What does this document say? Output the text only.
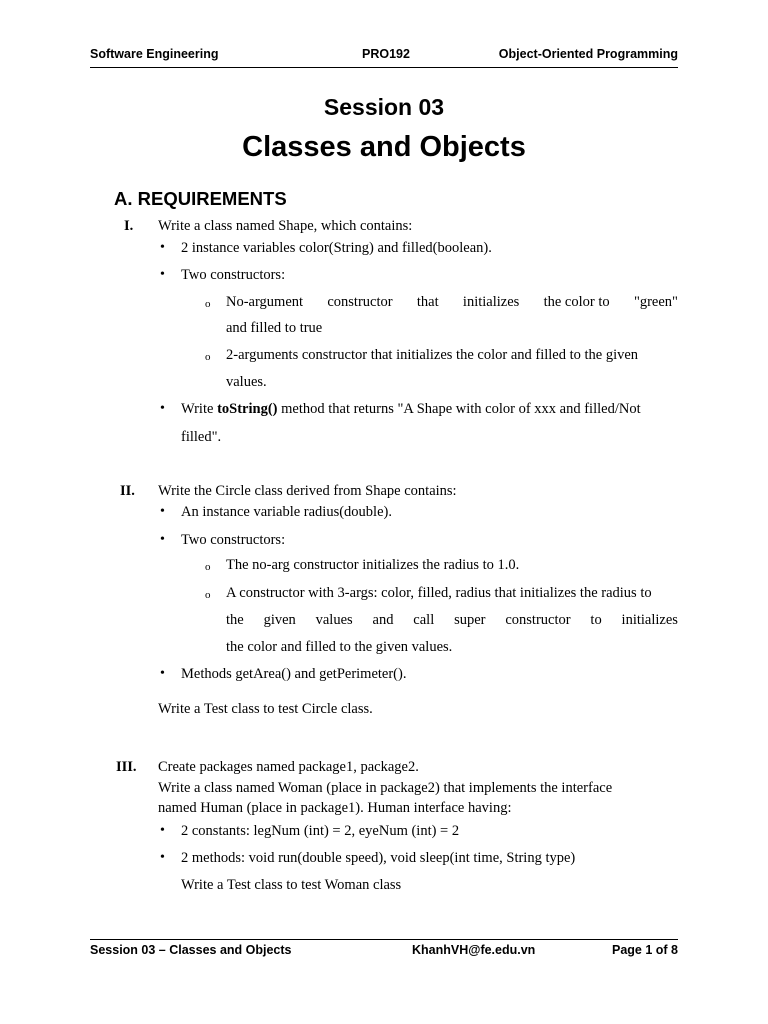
Software Engineering	PRO192	Object-Oriented Programming
Session 03
Classes and Objects
A. REQUIREMENTS
I. Write a class named Shape, which contains:
• 2 instance variables color(String) and filled(boolean).
• Two constructors:
o No-argument constructor that initializes the color to "green"
and filled to true
o 2-arguments constructor that initializes the color and filled to the given
values.
• Write toString() method that returns "A Shape with color of xxx and filled/Not
filled".
II. Write the Circle class derived from Shape contains:
• An instance variable radius(double).
• Two constructors:
o The no-arg constructor initializes the radius to 1.0.
o A constructor with 3-args: color, filled, radius that initializes the radius to
the given values and call super constructor to initializes
the color and filled to the given values.
• Methods getArea() and getPerimeter().
Write a Test class to test Circle class.
III. Create packages named package1, package2.
Write a class named Woman (place in package2) that implements the interface
named Human (place in package1). Human interface having:
• 2 constants: legNum (int) = 2, eyeNum (int) = 2
• 2 methods: void run(double speed), void sleep(int time, String type)
Write a Test class to test Woman class
Session 03 – Classes and Objects	KhanhVH@fe.edu.vn	Page 1 of 8
